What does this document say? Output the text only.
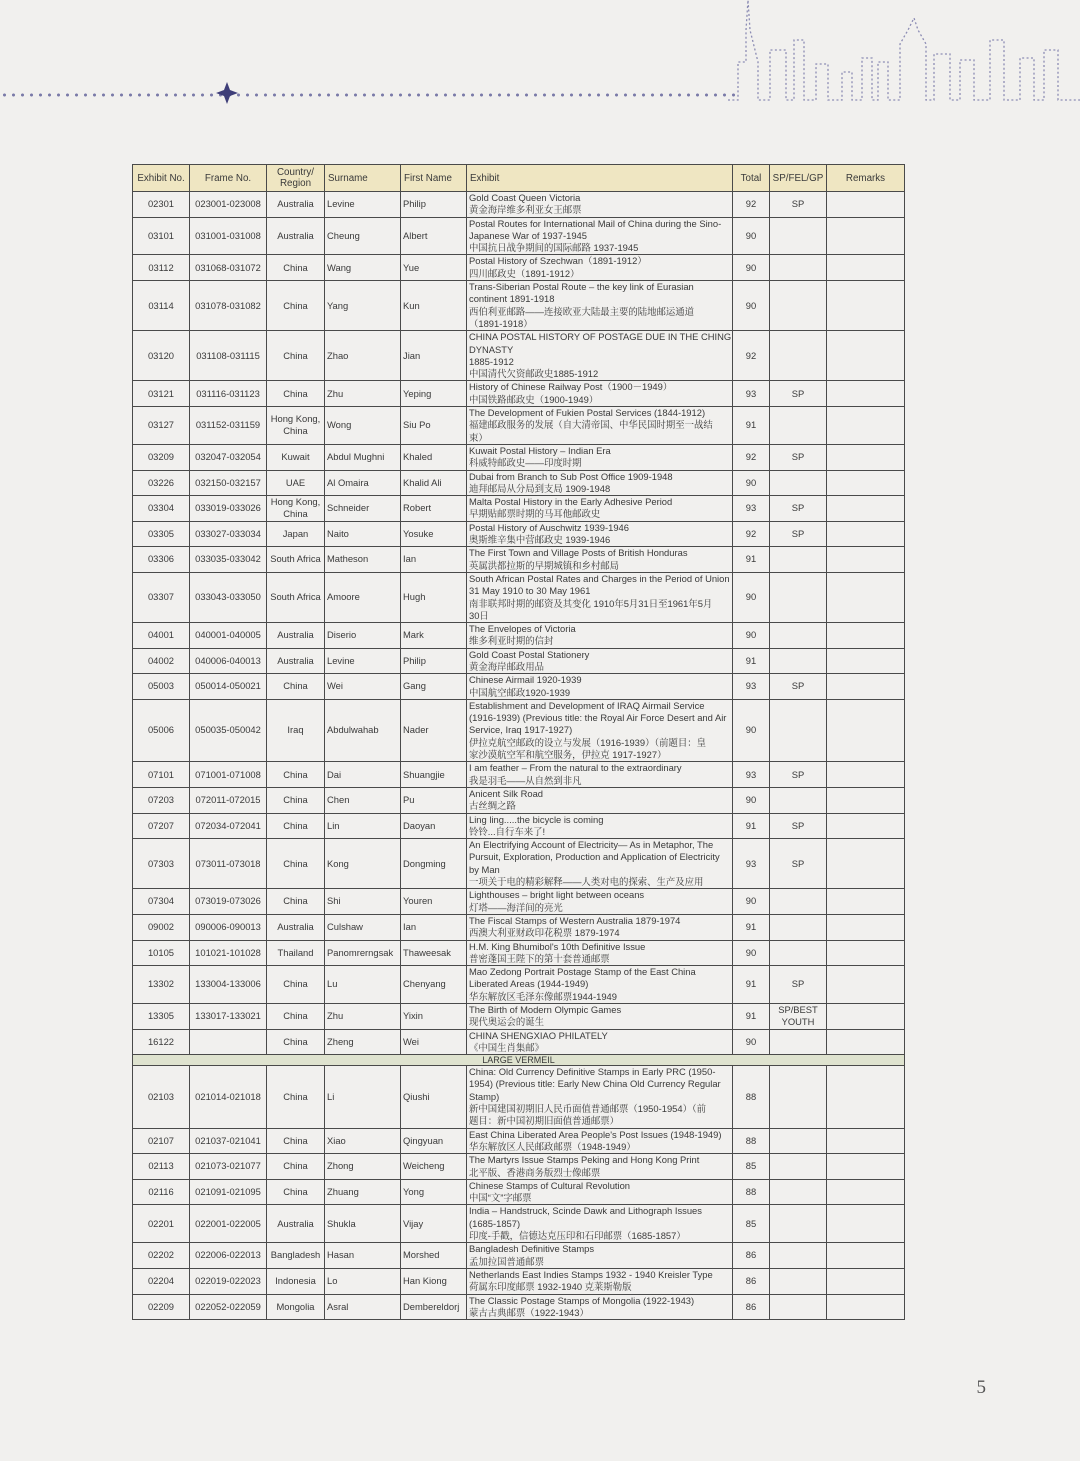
Exhibit No.	Frame No.	Country/
Region	Surname	First Name	Exhibit	Total	SP/FEL/GP	Remarks
02301	023001-023008	Australia	Levine	Philip	Gold Coast Queen Victoria
黄金海岸维多利亚女王邮票	92	SP	
03101	031001-031008	Australia	Cheung	Albert	Postal Routes for International Mail of China during the Sino-
Japanese War of 1937-1945
中国抗日战争期间的国际邮路 1937-1945	90		
03112	031068-031072	China	Wang	Yue	Postal History of Szechwan（1891-1912）
四川邮政史（1891-1912）	90		
03114	031078-031082	China	Yang	Kun	Trans-Siberian Postal Route – the key link of Eurasian
continent 1891-1918
西伯利亚邮路——连接欧亚大陆最主要的陆地邮运通道
（1891-1918）	90		
03120	031108-031115	China	Zhao	Jian	CHINA POSTAL HISTORY OF POSTAGE DUE IN THE CHING
DYNASTY
1885-1912
中国清代欠资邮政史1885-1912	92		
03121	031116-031123	China	Zhu	Yeping	History of Chinese Railway Post（1900－1949）
中国铁路邮政史（1900-1949）	93	SP	
03127	031152-031159	Hong Kong,
China	Wong	Siu Po	The Development of Fukien Postal Services (1844-1912)
福建邮政服务的发展（自大清帝国、中华民国时期至一战结
束）	91		
03209	032047-032054	Kuwait	Abdul Mughni	Khaled	Kuwait Postal History – Indian Era
科威特邮政史——印度时期	92	SP	
03226	032150-032157	UAE	Al Omaira	Khalid Ali	Dubai from Branch to Sub Post Office 1909-1948
迪拜邮局从分局到支局 1909-1948	90		
03304	033019-033026	Hong Kong,
China	Schneider	Robert	Malta Postal History in the Early Adhesive Period
早期贴邮票时期的马耳他邮政史	93	SP	
03305	033027-033034	Japan	Naito	Yosuke	Postal History of Auschwitz 1939-1946
奥斯维辛集中营邮政史 1939-1946	92	SP	
03306	033035-033042	South Africa	Matheson	Ian	The First Town and Village Posts of British Honduras
英属洪都拉斯的早期城镇和乡村邮局	91		
03307	033043-033050	South Africa	Amoore	Hugh	South African Postal Rates and Charges in the Period of Union
31 May 1910 to 30 May 1961
南非联邦时期的邮资及其变化 1910年5月31日至1961年5月
30日	90		
04001	040001-040005	Australia	Diserio	Mark	The Envelopes of Victoria
维多利亚时期的信封	90		
04002	040006-040013	Australia	Levine	Philip	Gold Coast Postal Stationery
黄金海岸邮政用品	91		
05003	050014-050021	China	Wei	Gang	Chinese Airmail 1920-1939
中国航空邮政1920-1939	93	SP	
05006	050035-050042	Iraq	Abdulwahab	Nader	Establishment and Development of IRAQ Airmail Service
(1916-1939) (Previous title: the Royal Air Force Desert and Air
Service, Iraq 1917-1927)
伊拉克航空邮政的设立与发展（1916-1939）（前题目：皇
家沙漠航空军和航空服务，伊拉克 1917-1927）	90		
07101	071001-071008	China	Dai	Shuangjie	I am feather – From the natural to the extraordinary
我是羽毛——从自然到非凡	93	SP	
07203	072011-072015	China	Chen	Pu	Anicent Silk Road
古丝绸之路	90		
07207	072034-072041	China	Lin	Daoyan	Ling ling.....the bicycle is coming
铃铃...自行车来了!	91	SP	
07303	073011-073018	China	Kong	Dongming	An Electrifying Account of Electricity— As in Metaphor, The
Pursuit, Exploration, Production and Application of Electricity
by Man
一项关于电的精彩解释——人类对电的探索、生产及应用	93	SP	
07304	073019-073026	China	Shi	Youren	Lighthouses – bright light between oceans
灯塔——海洋间的亮光	90		
09002	090006-090013	Australia	Culshaw	Ian	The Fiscal Stamps of Western Australia 1879-1974
西澳大利亚财政印花税票 1879-1974	91		
10105	101021-101028	Thailand	Panomrerngsak	Thaweesak	H.M. King Bhumibol's 10th Definitive Issue
普密蓬国王陛下的第十套普通邮票	90		
13302	133004-133006	China	Lu	Chenyang	Mao Zedong Portrait Postage Stamp of the East China
Liberated Areas (1944-1949)
华东解放区毛泽东像邮票1944-1949	91	SP	
13305	133017-133021	China	Zhu	Yixin	The Birth of Modern Olympic Games
现代奥运会的诞生	91	SP/BEST
YOUTH	
16122		China	Zheng	Wei	CHINA SHENGXIAO PHILATELY
《中国生肖集邮》	90		
LARGE VERMEIL								
02103	021014-021018	China	Li	Qiushi	China: Old Currency Definitive Stamps in Early PRC (1950-
1954) (Previous title: Early New China Old Currency Regular
Stamp)
新中国建国初期旧人民币面值普通邮票（1950-1954）（前
题目：新中国初期旧面值普通邮票）	88		
02107	021037-021041	China	Xiao	Qingyuan	East China Liberated Area People's Post Issues (1948-1949)
华东解放区人民邮政邮票（1948-1949）	88		
02113	021073-021077	China	Zhong	Weicheng	The Martyrs Issue Stamps Peking and Hong Kong Print
北平版、香港商务版烈士像邮票	85		
02116	021091-021095	China	Zhuang	Yong	Chinese Stamps of Cultural Revolution
中国“文”字邮票	88		
02201	022001-022005	Australia	Shukla	Vijay	India – Handstruck, Scinde Dawk and Lithograph Issues
(1685-1857)
印度-手戳，信德达克压印和石印邮票（1685-1857）	85		
02202	022006-022013	Bangladesh	Hasan	Morshed	Bangladesh Definitive Stamps
孟加拉国普通邮票	86		
02204	022019-022023	Indonesia	Lo	Han Kiong	Netherlands East Indies Stamps 1932 - 1940 Kreisler Type
荷属东印度邮票 1932-1940 克莱斯勒版	86		
02209	022052-022059	Mongolia	Asral	Dembereldorj	The Classic Postage Stamps of Mongolia (1922-1943)
蒙古古典邮票（1922-1943）	86		
5
